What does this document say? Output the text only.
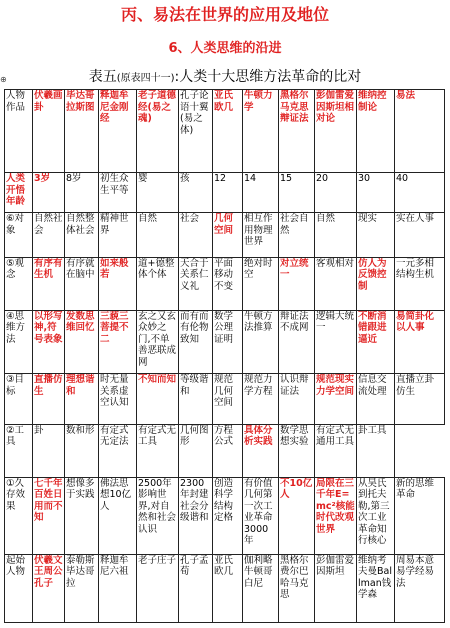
丙、易法在世界的应用及地位
6、人类思维的沿进
⊕	表五(原表四十一):人类十大思维方法革命的比对
人物作品	伏羲画卦	毕达哥拉斯图	释迦牟尼金刚经	老子道德经(易之魂)	孔子论语十翼(易之体)	亚氏欧几	牛顿力学	黑格尔马克思辩证法	彭伽雷爱因斯坦相对论	维纳控制论	易法
人类开悟年龄	3岁	8岁	初生众生平等	婴	孩	12	14	15	20	30	40
⑥对象	自然社会	自然整体社会	精神世界	自然	社会	几何空间	相互作用物理世界	社会自然	自然	现实	实在人事
⑤观念	有序有生机	有序就在脑中	如来般若	道+德整体个体	天合于关系仁义礼	平面移动不变	绝对时空	对立统一	客观相对	仿人为反馈控制	一元多相结构生机
④思维方法	以形写神,符号表象	发数思维回忆	三藐三菩提不二	玄之又玄众妙之门,不单善恶联成网	而有而有伦物致知	数学公理证明	牛顿方法推算	辩证法不成网	逻辑大统一	不断消错跟进逼近	易简卦化以人事
③目标	直播仿生	理想谐和	时无量关系虚空认知	不知而知	等级谐和	规范几何空间	规范力学方程	认识辩证法	规范现实力学空间	信息交流处理	直播立卦仿生
②工具	卦	数和形	有定式无定法	有定式无工具	几何图形	方程公式	具体分析实践	数学思想实验	有定式无通用工具	卦工具	
①久存效果	七千年百姓日用而不知	想像多于实践	佛法思想10亿人	2500年影响世界,对自然和社会认识	2300年封建社会分级谐和	创造科学结构定格	有价值几何第一次工业革命3000年	不10亿人	局限在三千年E=mc²核能时代改观世界	从昊氏到托夫勒,第三次工业革命知行核心	新的思维革命
起始人物	伏羲文王周公孔子	泰勒斯毕达哥拉	释迦牟尼六祖	老子庄子	孔子孟荀	亚氏欧几	伽利略牛顿哥白尼	黑格尔费尔巴哈马克思	彭伽雷爱因斯坦	维纳考夫曼Ballman钱学森	周易本意易学经易法
